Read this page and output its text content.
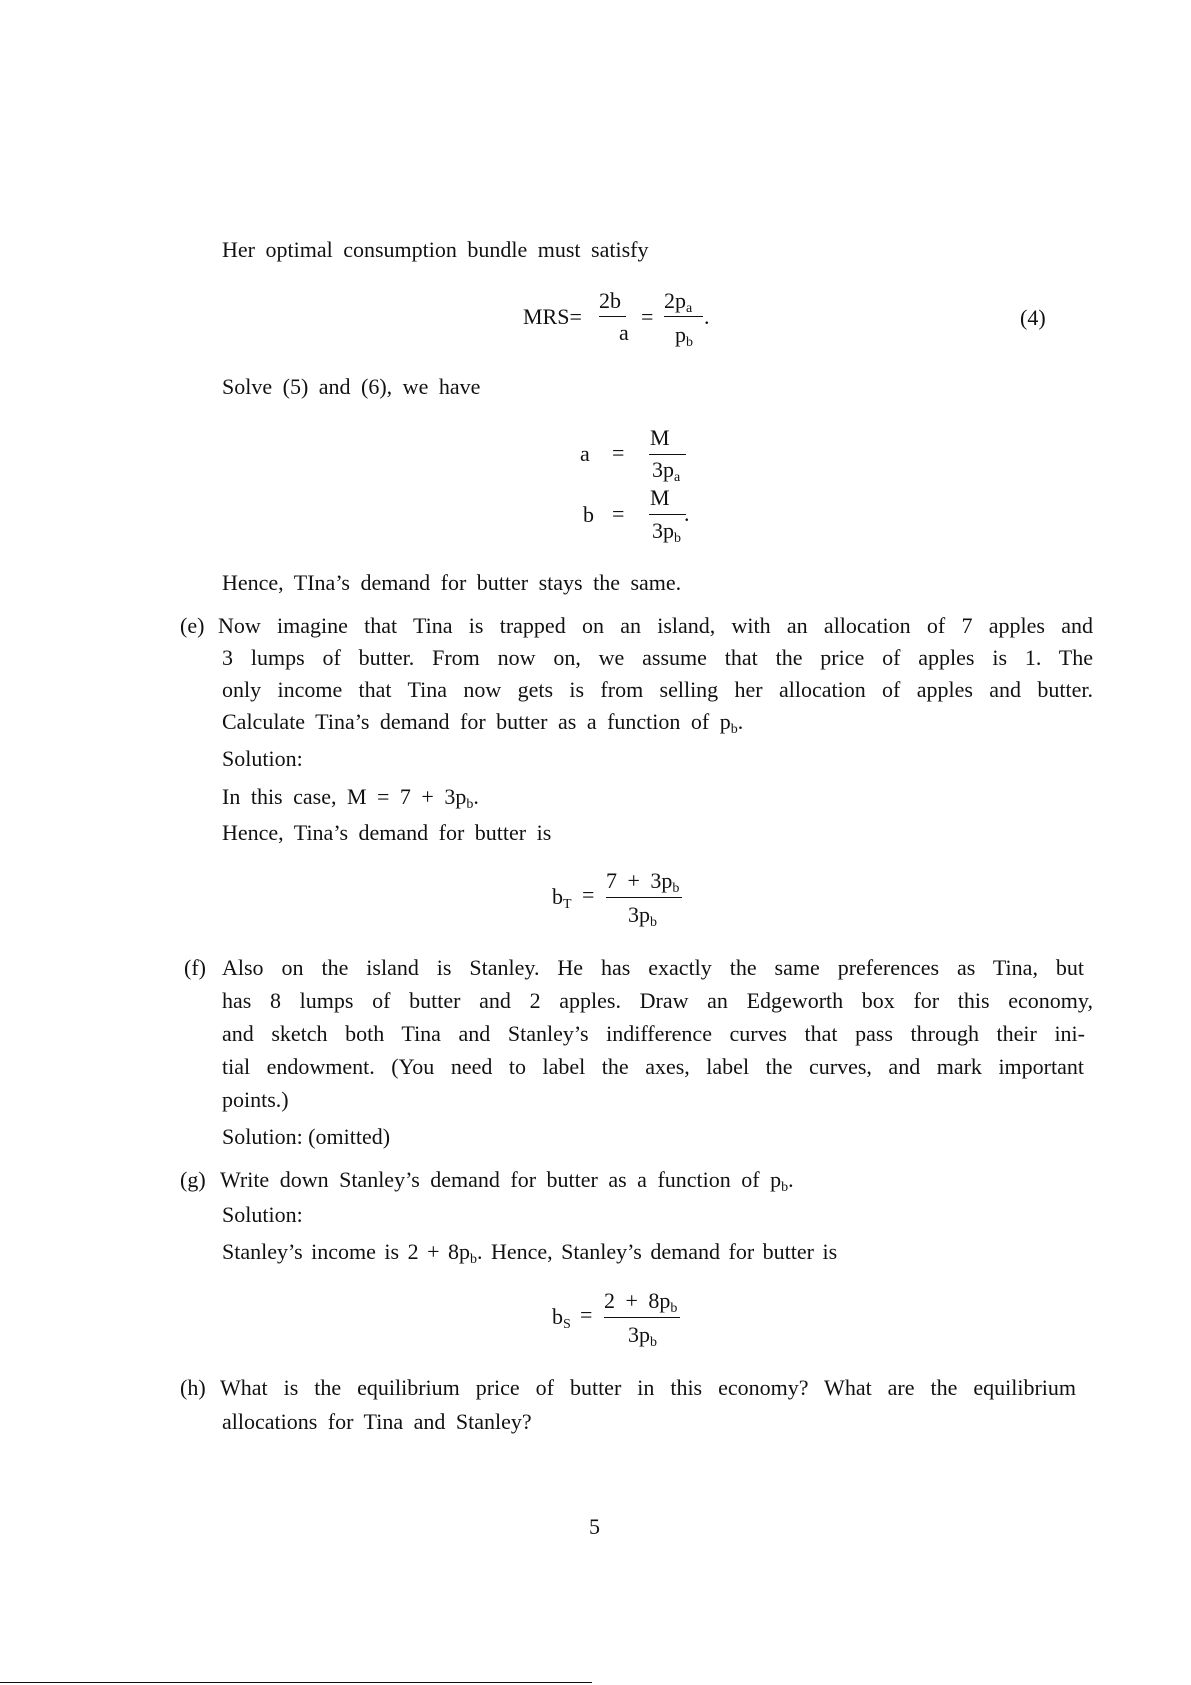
Her optimal consumption bundle must satisfy
MRS=
2b
a
=
$2p_a$
$p_b$
.	(4)
Solve (5) and (6), we have
a =
M
$3p_a$
b =
M
$3p_b$
.
Hence, TIna’s demand for butter stays the same.
(e) Now imagine that Tina is trapped on an island, with an allocation of 7 apples and
3 lumps of butter. From now on, we assume that the price of apples is 1. The
only income that Tina now gets is from selling her allocation of apples and butter.
Calculate Tina’s demand for butter as a function of $p_b$.
Solution:
In this case, $M = 7 + 3p_b$.
Hence, Tina’s demand for butter is
$b_T$ =
$7 + 3p_b$
$3p_b$
(f) Also on the island is Stanley. He has exactly the same preferences as Tina, but
has 8 lumps of butter and 2 apples. Draw an Edgeworth box for this economy,
and sketch both Tina and Stanley’s indifference curves that pass through their ini-
tial endowment. (You need to label the axes, label the curves, and mark important
points.)
Solution: (omitted)
(g) Write down Stanley’s demand for butter as a function of $p_b$.
Solution:
Stanley’s income is $2 + 8p_b$. Hence, Stanley’s demand for butter is
$b_S$ =
$2 + 8p_b$
$3p_b$
(h) What is the equilibrium price of butter in this economy? What are the equilibrium
allocations for Tina and Stanley?
5
